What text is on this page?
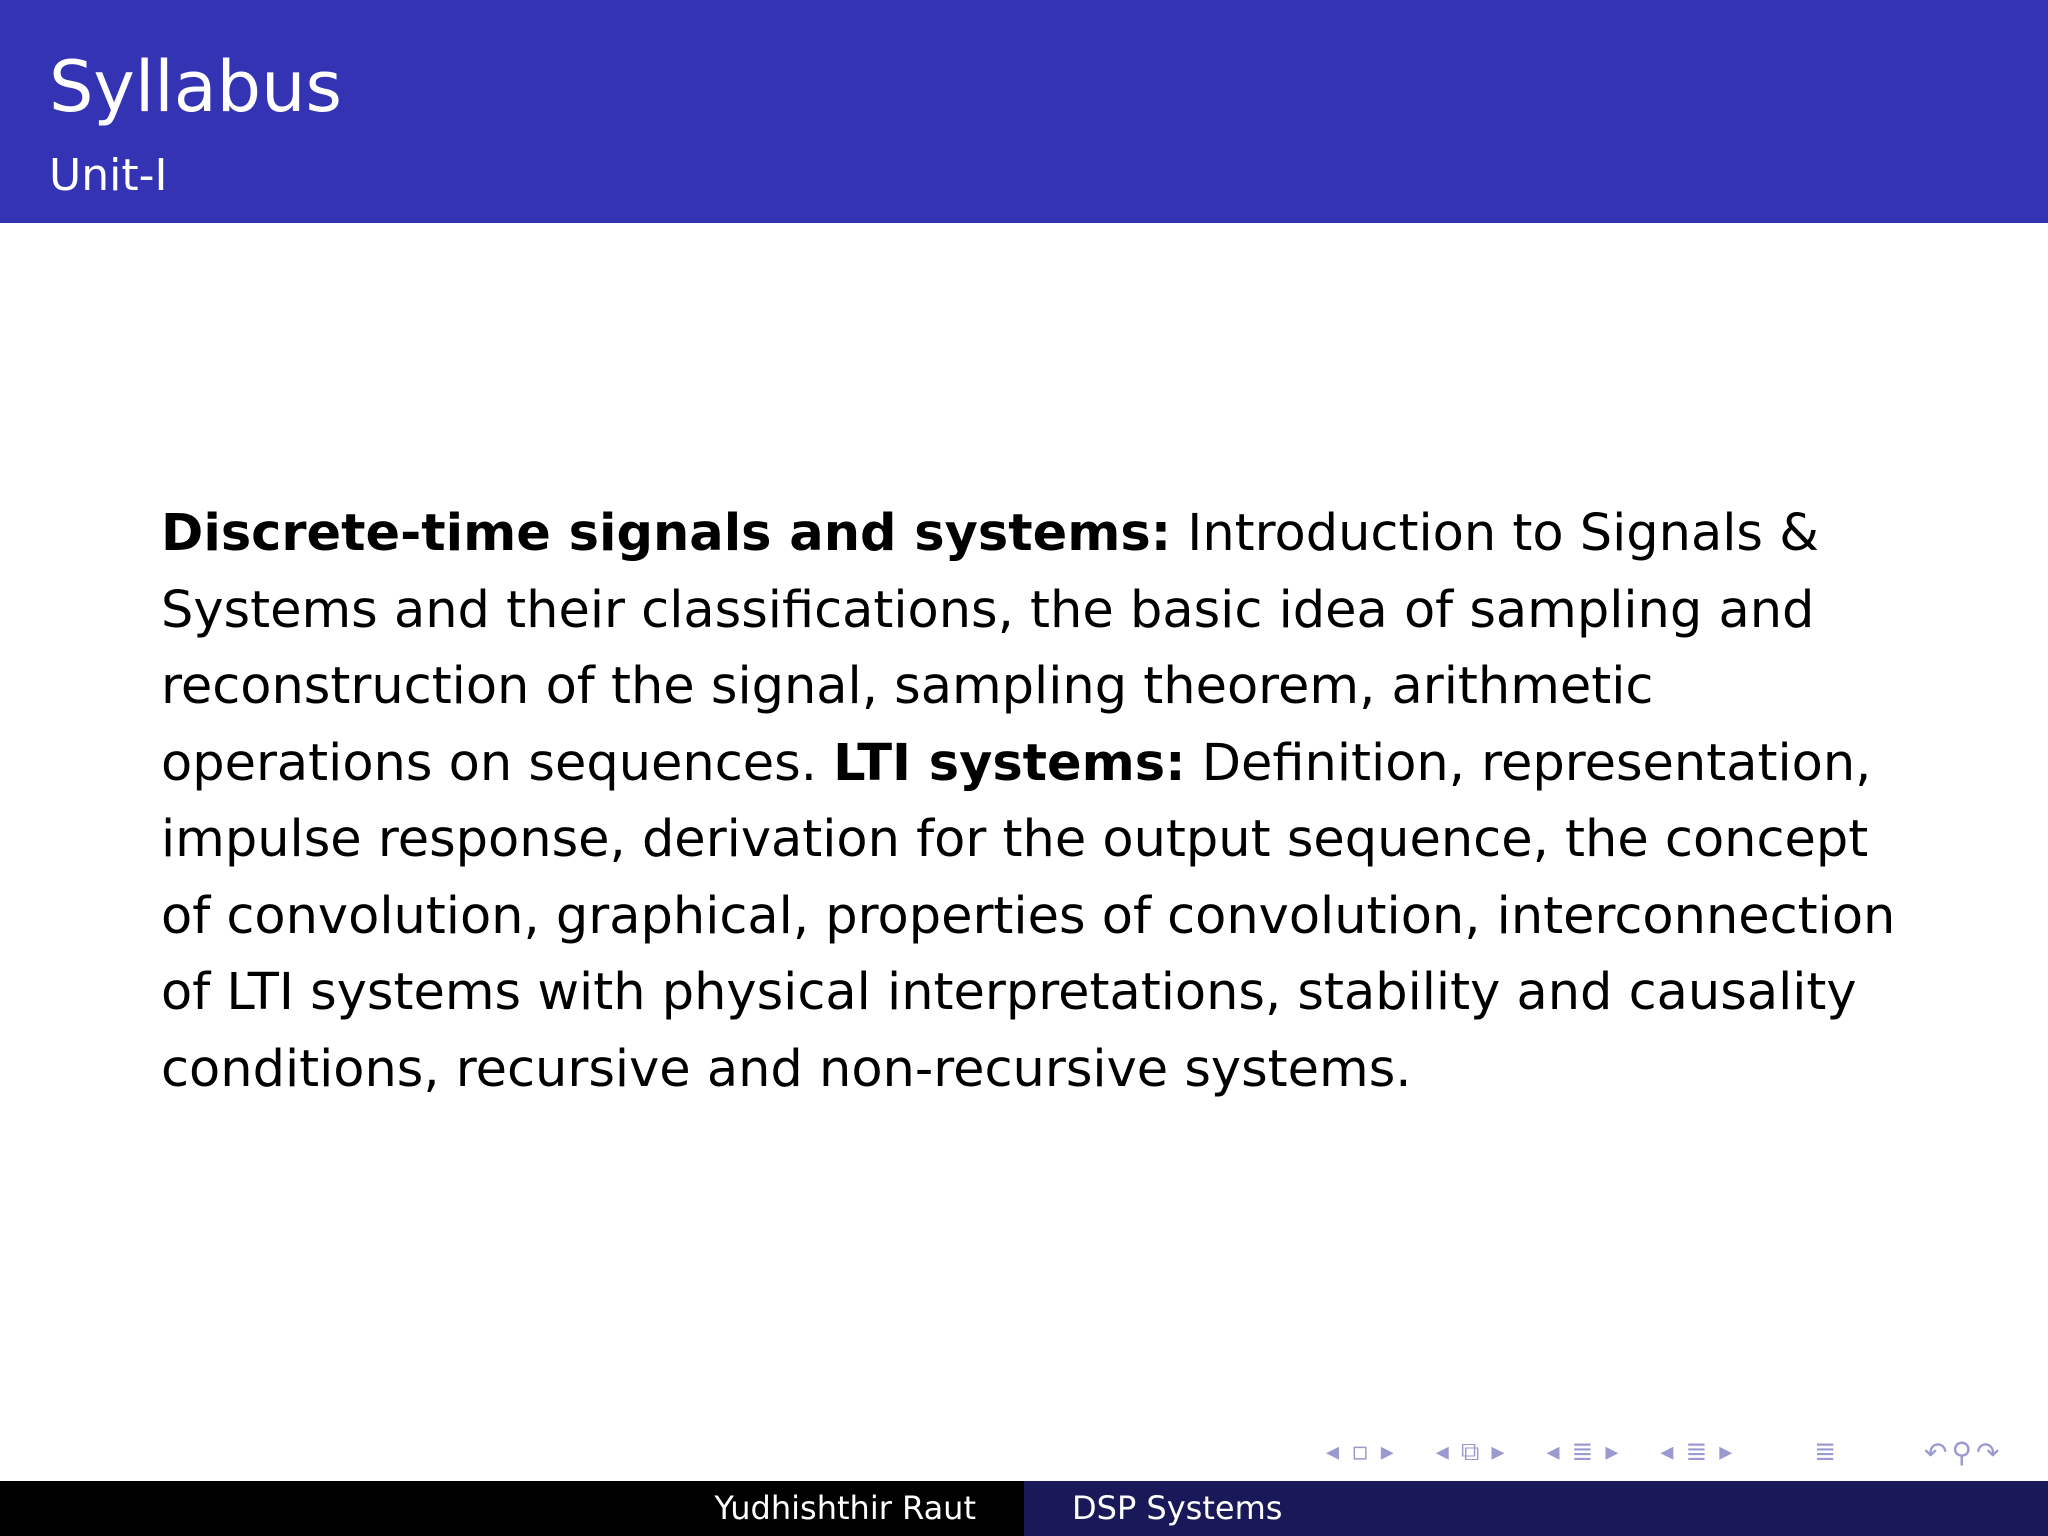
Syllabus
Unit-I
Discrete-time signals and systems: Introduction to Signals & Systems and their classifications, the basic idea of sampling and reconstruction of the signal, sampling theorem, arithmetic operations on sequences. LTI systems: Definition, representation, impulse response, derivation for the output sequence, the concept of convolution, graphical, properties of convolution, interconnection of LTI systems with physical interpretations, stability and causality conditions, recursive and non-recursive systems.
◂ ▫ ▸ ◂ ⧉ ▸ ◂ ≣ ▸ ◂ ≣ ▸	≣	↶ ⚲ ↷
Yudhishthir Raut	DSP Systems
